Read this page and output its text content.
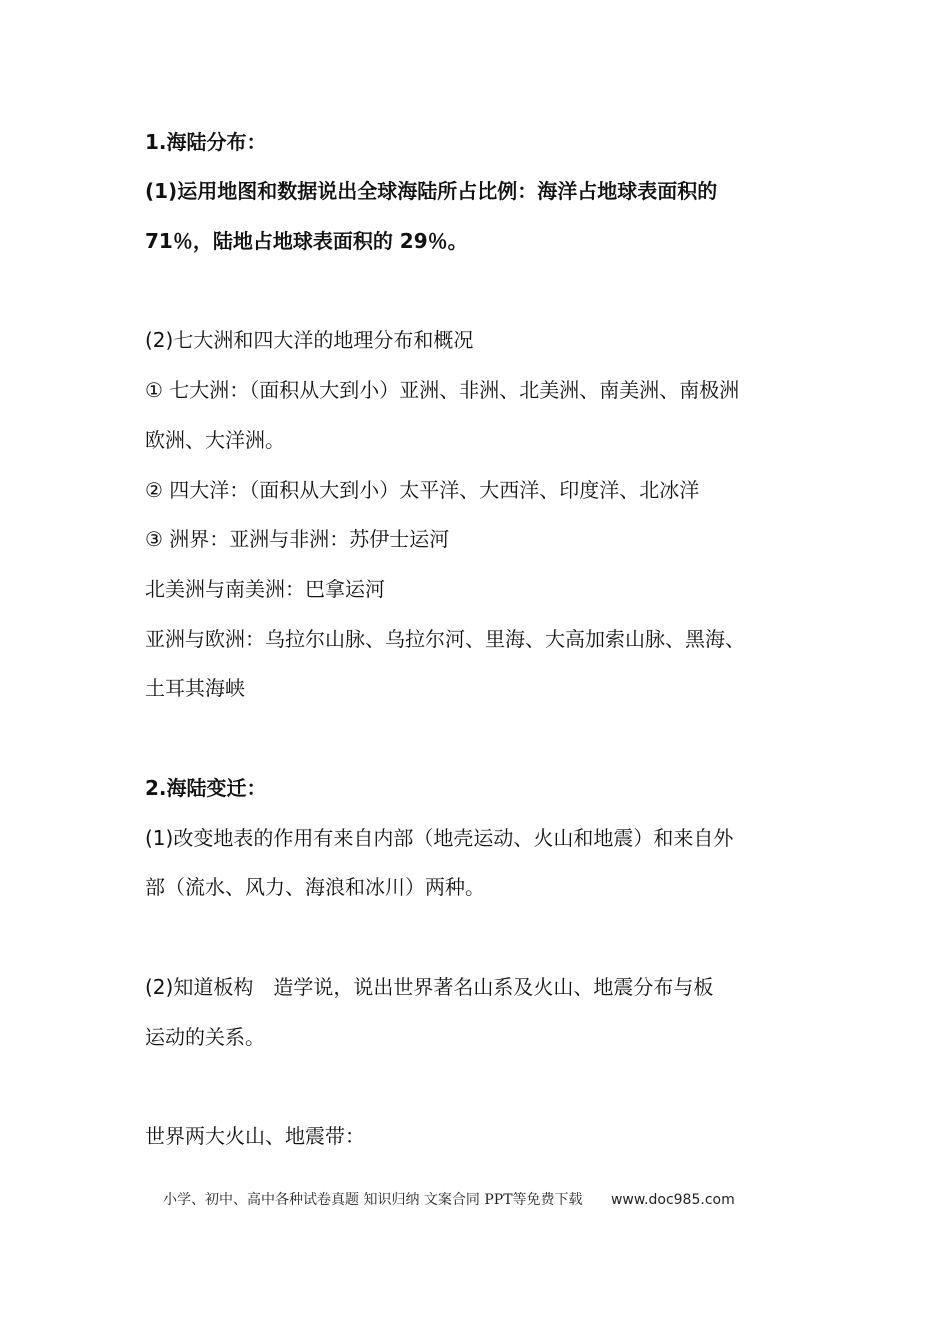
1.海陆分布：
(1)运用地图和数据说出全球海陆所占比例：海洋占地球表面积的
71％，陆地占地球表面积的 29％。
(2)七大洲和四大洋的地理分布和概况
① 七大洲：（面积从大到小）亚洲、非洲、北美洲、南美洲、南极洲
欧洲、大洋洲。
② 四大洋：（面积从大到小）太平洋、大西洋、印度洋、北冰洋
③ 洲界：亚洲与非洲：苏伊士运河
北美洲与南美洲：巴拿运河
亚洲与欧洲：乌拉尔山脉、乌拉尔河、里海、大高加索山脉、黑海、
土耳其海峡
2.海陆变迁：
(1)改变地表的作用有来自内部（地壳运动、火山和地震）和来自外
部（流水、风力、海浪和冰川）两种。
(2)知道板构　造学说，说出世界著名山系及火山、地震分布与板
运动的关系。
世界两大火山、地震带：
小学、初中、高中各种试卷真题 知识归纳 文案合同 PPT等免费下载 www.doc985.com
